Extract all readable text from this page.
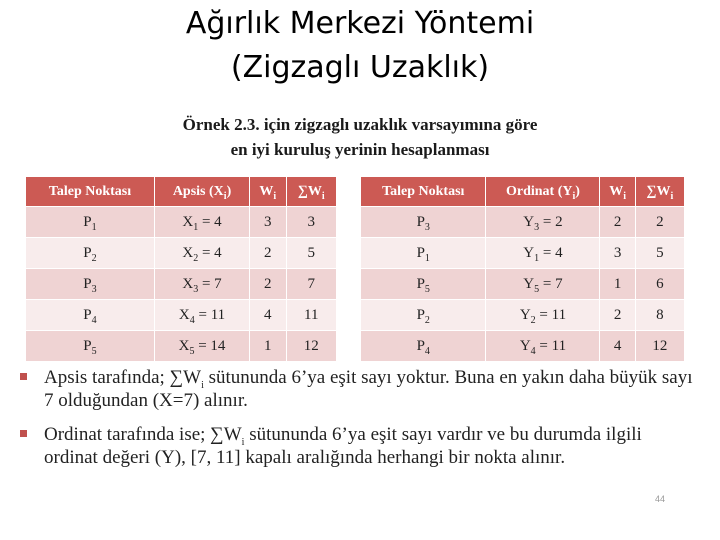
Ağırlık Merkezi Yöntemi
(Zigzaglı Uzaklık)
Örnek 2.3. için zigzaglı uzaklık varsayımına göre
en iyi kuruluş yerinin hesaplanması
Talep Noktası	Apsis $(X_i)$	$W_i$	$\sum W_i$
$P_1$	$X_1 = 4$	3	3
$P_2$	$X_2 = 4$	2	5
$P_3$	$X_3 = 7$	2	7
$P_4$	$X_4 = 11$	4	11
$P_5$	$X_5 = 14$	1	12
Talep Noktası	Ordinat $(Y_i)$	$W_i$	$\sum W_i$
$P_3$	$Y_3 = 2$	2	2
$P_1$	$Y_1 = 4$	3	5
$P_5$	$Y_5 = 7$	1	6
$P_2$	$Y_2 = 11$	2	8
$P_4$	$Y_4 = 11$	4	12
Apsis tarafında; $\sum W_i$ sütununda 6’ya eşit sayı yoktur. Buna en yakın daha büyük sayı 7 olduğundan (X=7) alınır.
Ordinat tarafında ise; $\sum W_i$ sütununda 6’ya eşit sayı vardır ve bu durumda ilgili ordinat değeri (Y), [7, 11] kapalı aralığında herhangi bir nokta alınır.
44
